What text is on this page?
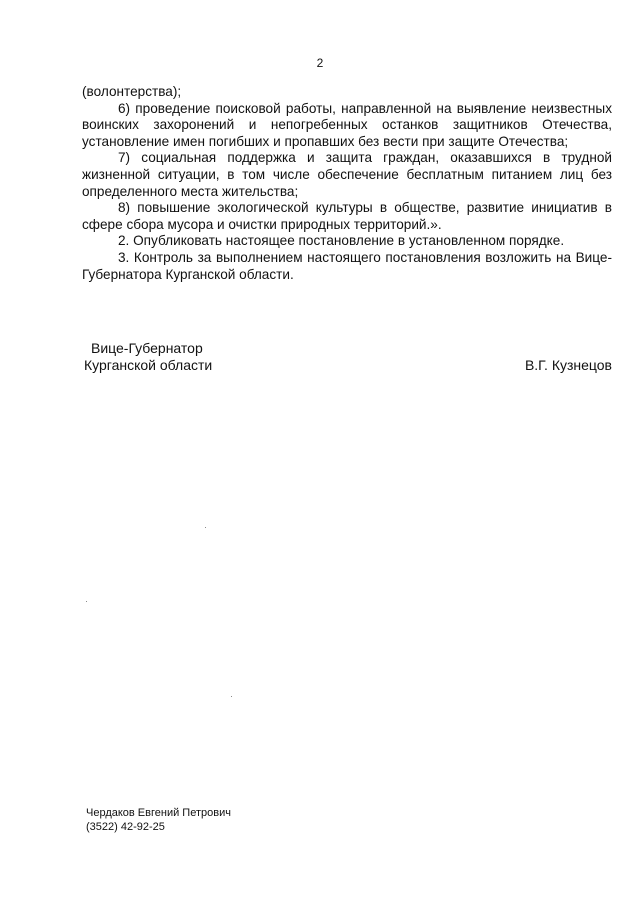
2

(волонтерства);

6) проведение поисковой работы, направленной на выявление неизвестных воинских захоронений и непогребенных останков защитников Отечества, установление имен погибших и пропавших без вести при защите Отечества;

7) социальная поддержка и защита граждан, оказавшихся в трудной жизненной ситуации, в том числе обеспечение бесплатным питанием лиц без определенного места жительства;

8) повышение экологической культуры в обществе, развитие инициатив в сфере сбора мусора и очистки природных территорий.».

2. Опубликовать настоящее постановление в установленном порядке.

3. Контроль за выполнением настоящего постановления возложить на Вице-Губернатора Курганской области.

Вице-Губернатор
Курганской области	В.Г. Кузнецов
Чердаков Евгений Петрович
(3522) 42-92-25
